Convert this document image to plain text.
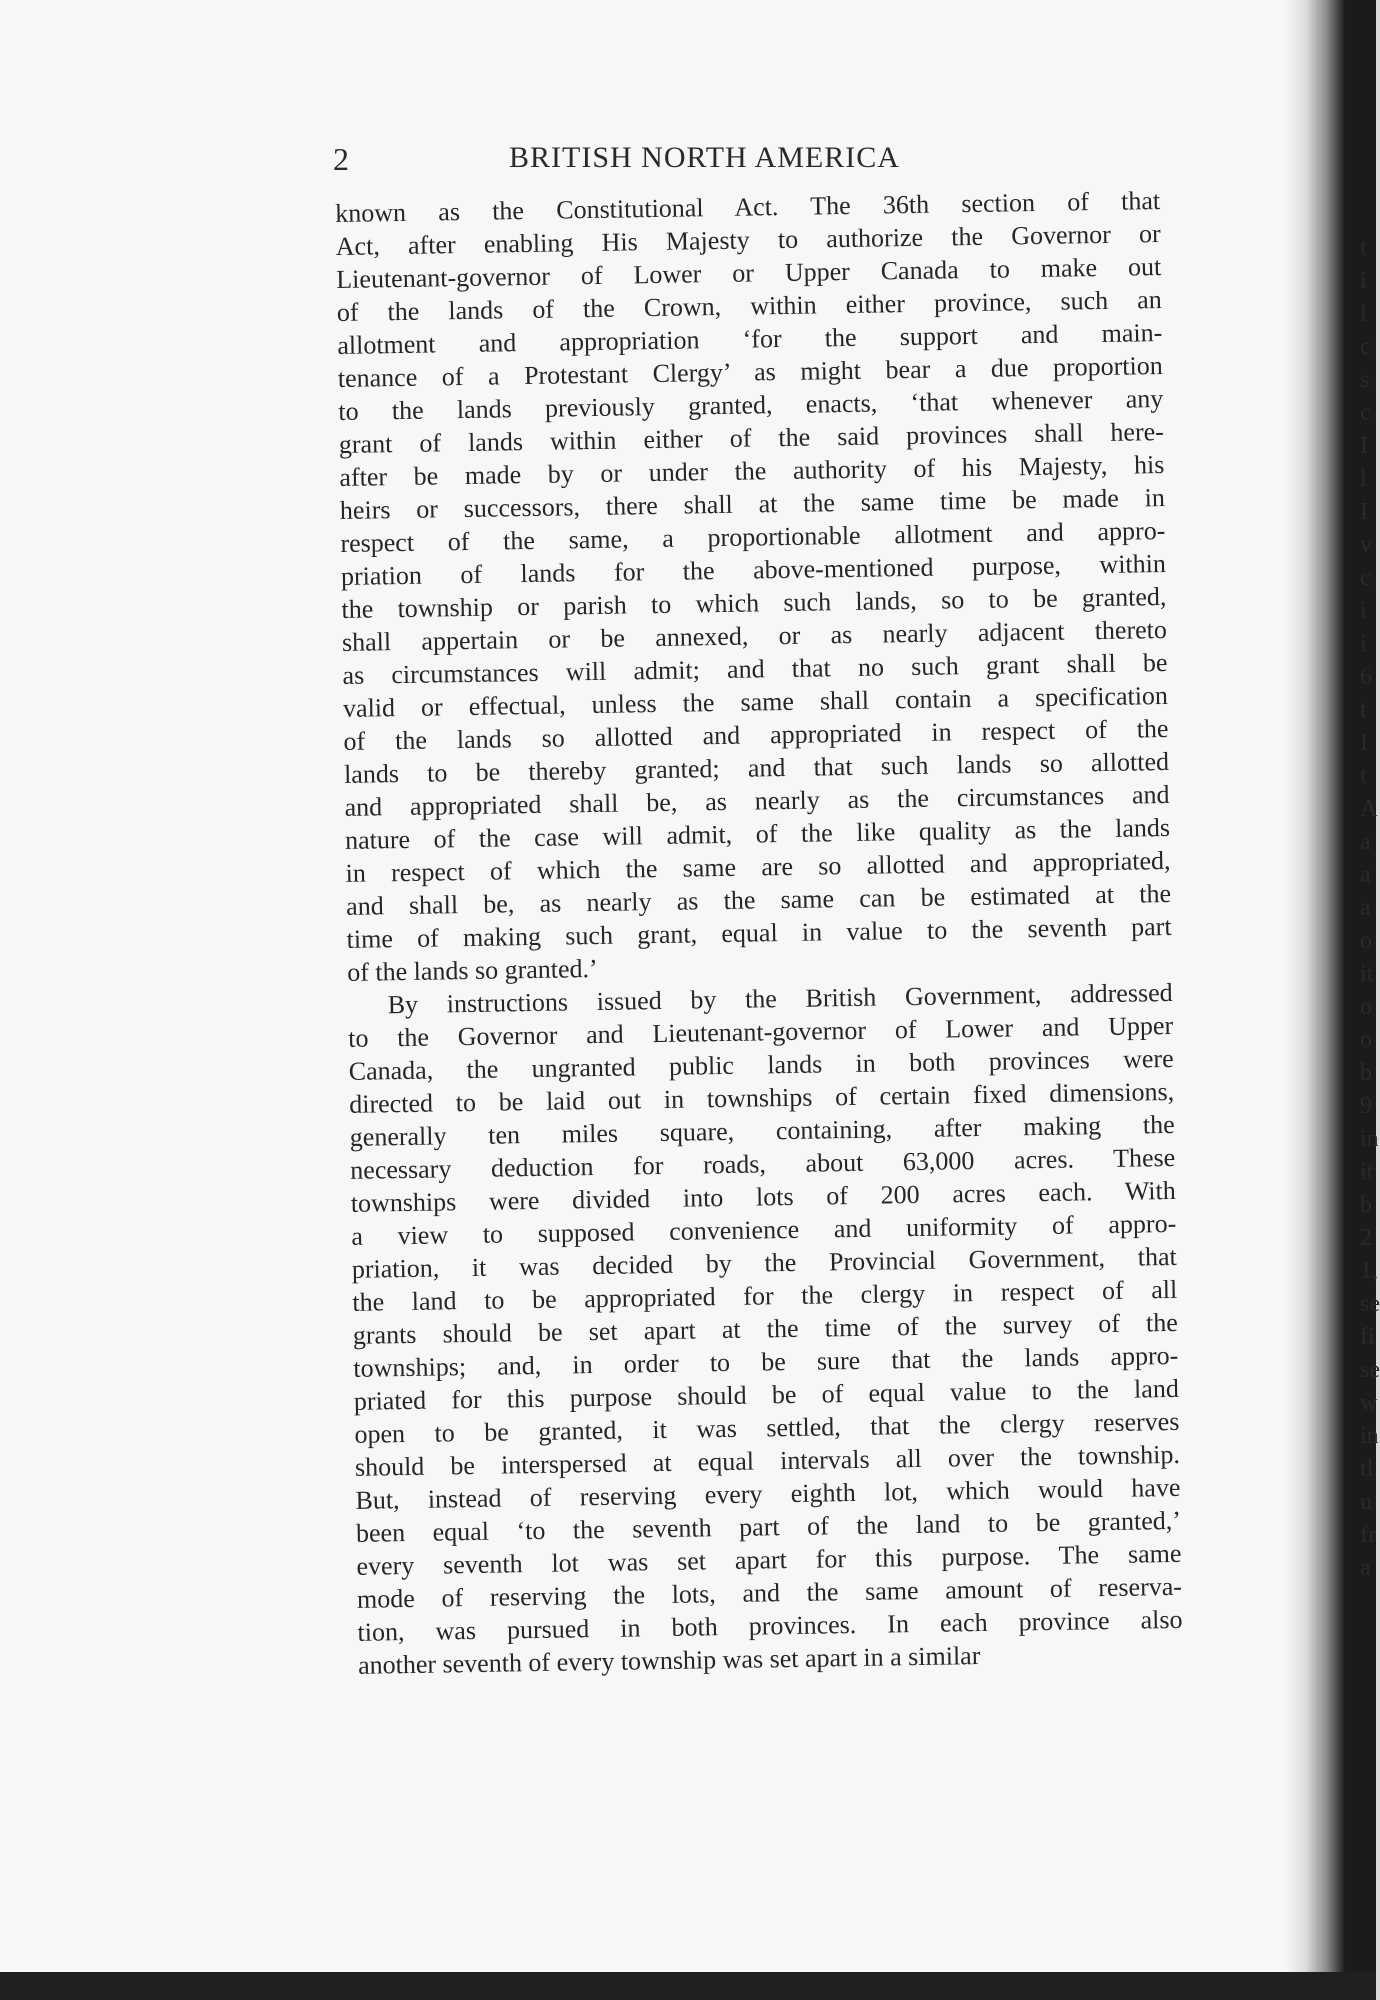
2	BRITISH NORTH AMERICA
known as the Constitutional Act. The 36th section of that
Act, after enabling His Majesty to authorize the Governor or
Lieutenant-governor of Lower or Upper Canada to make out
of the lands of the Crown, within either province, such an
allotment and appropriation ‘for the support and main-
tenance of a Protestant Clergy’ as might bear a due proportion
to the lands previously granted, enacts, ‘that whenever any
grant of lands within either of the said provinces shall here-
after be made by or under the authority of his Majesty, his
heirs or successors, there shall at the same time be made in
respect of the same, a proportionable allotment and appro-
priation of lands for the above-mentioned purpose, within
the township or parish to which such lands, so to be granted,
shall appertain or be annexed, or as nearly adjacent thereto
as circumstances will admit; and that no such grant shall be
valid or effectual, unless the same shall contain a specification
of the lands so allotted and appropriated in respect of the
lands to be thereby granted; and that such lands so allotted
and appropriated shall be, as nearly as the circumstances and
nature of the case will admit, of the like quality as the lands
in respect of which the same are so allotted and appropriated,
and shall be, as nearly as the same can be estimated at the
time of making such grant, equal in value to the seventh part
of the lands so granted.’
By instructions issued by the British Government, addressed
to the Governor and Lieutenant-governor of Lower and Upper
Canada, the ungranted public lands in both provinces were
directed to be laid out in townships of certain fixed dimensions,
generally ten miles square, containing, after making the
necessary deduction for roads, about 63,000 acres. These
townships were divided into lots of 200 acres each. With
a view to supposed convenience and uniformity of appro-
priation, it was decided by the Provincial Government, that
the land to be appropriated for the clergy in respect of all
grants should be set apart at the time of the survey of the
townships; and, in order to be sure that the lands appro-
priated for this purpose should be of equal value to the land
open to be granted, it was settled, that the clergy reserves
should be interspersed at equal intervals all over the township.
But, instead of reserving every eighth lot, which would have
been equal ‘to the seventh part of the land to be granted,’
every seventh lot was set apart for this purpose. The same
mode of reserving the lots, and the same amount of reserva-
tion, was pursued in both provinces. In each province also
another seventh of every township was set apart in a similar
t
i
l
c
s
c
I
l
I
v
c
i
i
6
t
I
t
A
a
a
a
o
it
o
o
b
9
in
it
b
2
1,
se
fi
se
w
in
tl
u
fr
a
